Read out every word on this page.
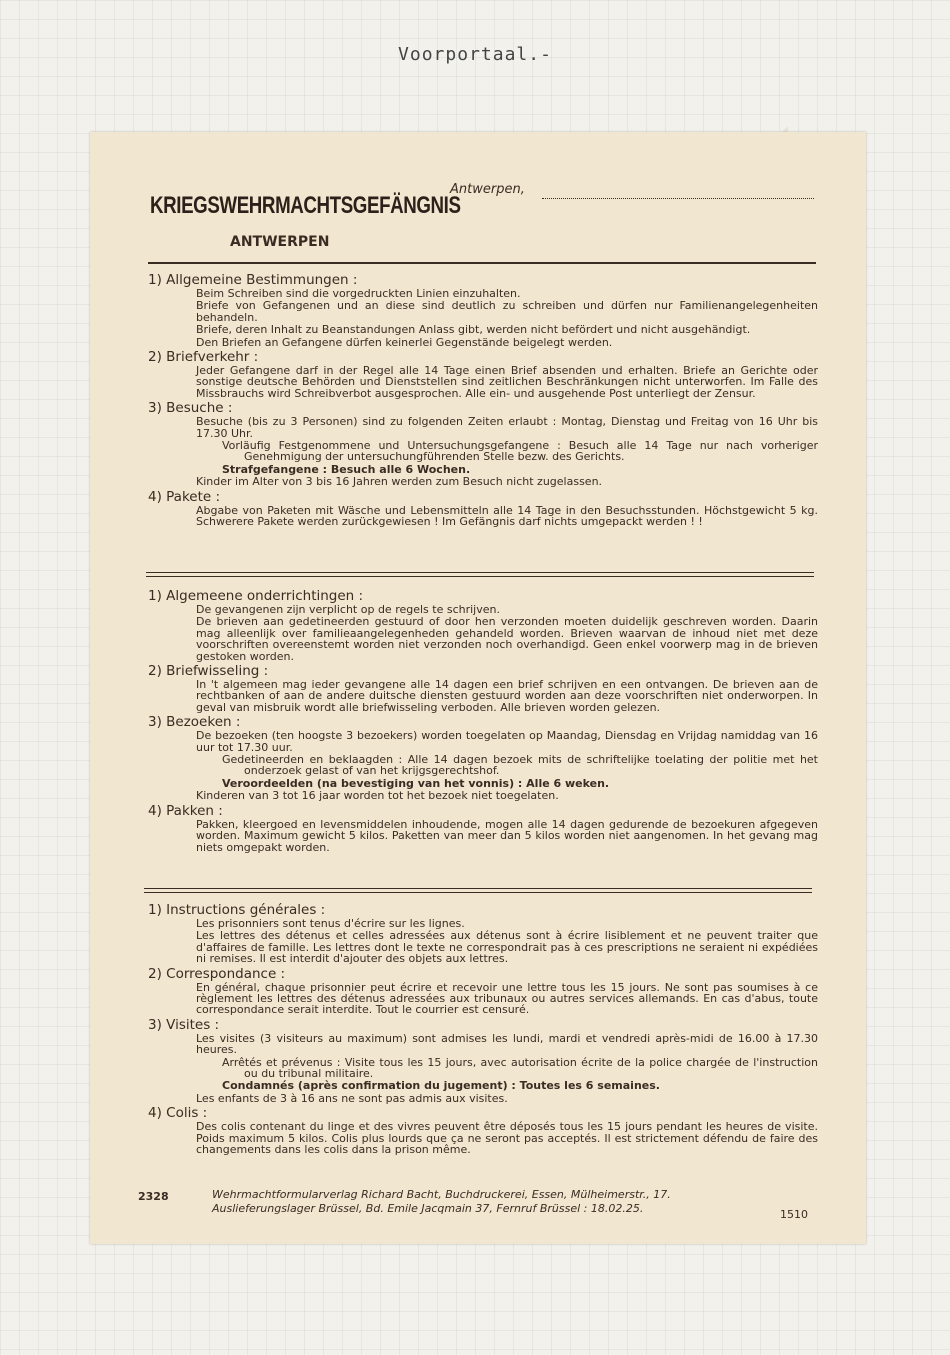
Voorportaal.-
KRIEGSWEHRMACHTSGEFÄNGNIS
ANTWERPEN
Antwerpen,

1) Allgemeine Bestimmungen :

Beim Schreiben sind die vorgedruckten Linien einzuhalten.

Briefe von Gefangenen und an diese sind deutlich zu schreiben und dürfen nur Familienangelegenheiten behandeln.

Briefe, deren Inhalt zu Beanstandungen Anlass gibt, werden nicht befördert und nicht ausgehändigt.

Den Briefen an Gefangene dürfen keinerlei Gegenstände beigelegt werden.

2) Briefverkehr :

Jeder Gefangene darf in der Regel alle 14 Tage einen Brief absenden und erhalten. Briefe an Gerichte oder sonstige deutsche Behörden und Dienststellen sind zeitlichen Beschränkungen nicht unterworfen. Im Falle des Missbrauchs wird Schreibverbot ausgesprochen. Alle ein- und ausgehende Post unterliegt der Zensur.

3) Besuche :

Besuche (bis zu 3 Personen) sind zu folgenden Zeiten erlaubt : Montag, Dienstag und Freitag von 16 Uhr bis 17.30 Uhr.

Vorläufig Festgenommene und Untersuchungsgefangene : Besuch alle 14 Tage nur nach vorheriger Genehmigung der untersuchungführenden Stelle bezw. des Gerichts.

Strafgefangene : Besuch alle 6 Wochen.

Kinder im Alter von 3 bis 16 Jahren werden zum Besuch nicht zugelassen.

4) Pakete :

Abgabe von Paketen mit Wäsche und Lebensmitteln alle 14 Tage in den Besuchsstunden. Höchstgewicht 5 kg. Schwerere Pakete werden zurückgewiesen ! Im Gefängnis darf nichts umgepackt werden ! !

1) Algemeene onderrichtingen :

De gevangenen zijn verplicht op de regels te schrijven.

De brieven aan gedetineerden gestuurd of door hen verzonden moeten duidelijk geschreven worden. Daarin mag alleenlijk over familieaangelegenheden gehandeld worden. Brieven waarvan de inhoud niet met deze voorschriften overeenstemt worden niet verzonden noch overhandigd. Geen enkel voorwerp mag in de brieven gestoken worden.

2) Briefwisseling :

In 't algemeen mag ieder gevangene alle 14 dagen een brief schrijven en een ontvangen. De brieven aan de rechtbanken of aan de andere duitsche diensten gestuurd worden aan deze voorschriften niet onderworpen. In geval van misbruik wordt alle briefwisseling verboden. Alle brieven worden gelezen.

3) Bezoeken :

De bezoeken (ten hoogste 3 bezoekers) worden toegelaten op Maandag, Diensdag en Vrijdag namiddag van 16 uur tot 17.30 uur.

Gedetineerden en beklaagden : Alle 14 dagen bezoek mits de schriftelijke toelating der politie met het onderzoek gelast of van het krijgsgerechtshof.

Veroordeelden (na bevestiging van het vonnis) : Alle 6 weken.

Kinderen van 3 tot 16 jaar worden tot het bezoek niet toegelaten.

4) Pakken :

Pakken, kleergoed en levensmiddelen inhoudende, mogen alle 14 dagen gedurende de bezoekuren afgegeven worden. Maximum gewicht 5 kilos. Paketten van meer dan 5 kilos worden niet aangenomen. In het gevang mag niets omgepakt worden.

1) Instructions générales :

Les prisonniers sont tenus d'écrire sur les lignes.

Les lettres des détenus et celles adressées aux détenus sont à écrire lisiblement et ne peuvent traiter que d'affaires de famille. Les lettres dont le texte ne correspondrait pas à ces prescriptions ne seraient ni expédiées ni remises. Il est interdit d'ajouter des objets aux lettres.

2) Correspondance :

En général, chaque prisonnier peut écrire et recevoir une lettre tous les 15 jours. Ne sont pas soumises à ce règlement les lettres des détenus adressées aux tribunaux ou autres services allemands. En cas d'abus, toute correspondance serait interdite. Tout le courrier est censuré.

3) Visites :

Les visites (3 visiteurs au maximum) sont admises les lundi, mardi et vendredi après-midi de 16.00 à 17.30 heures.

Arrêtés et prévenus : Visite tous les 15 jours, avec autorisation écrite de la police chargée de l'instruction ou du tribunal militaire.

Condamnés (après confirmation du jugement) : Toutes les 6 semaines.

Les enfants de 3 à 16 ans ne sont pas admis aux visites.

4) Colis :

Des colis contenant du linge et des vivres peuvent être déposés tous les 15 jours pendant les heures de visite. Poids maximum 5 kilos. Colis plus lourds que ça ne seront pas acceptés. Il est strictement défendu de faire des changements dans les colis dans la prison même.

2328	Wehrmachtformularverlag Richard Bacht, Buchdruckerei, Essen, Mülheimerstr., 17.
Auslieferungslager Brüssel, Bd. Emile Jacqmain 37, Fernruf Brüssel : 18.02.25.	1510
